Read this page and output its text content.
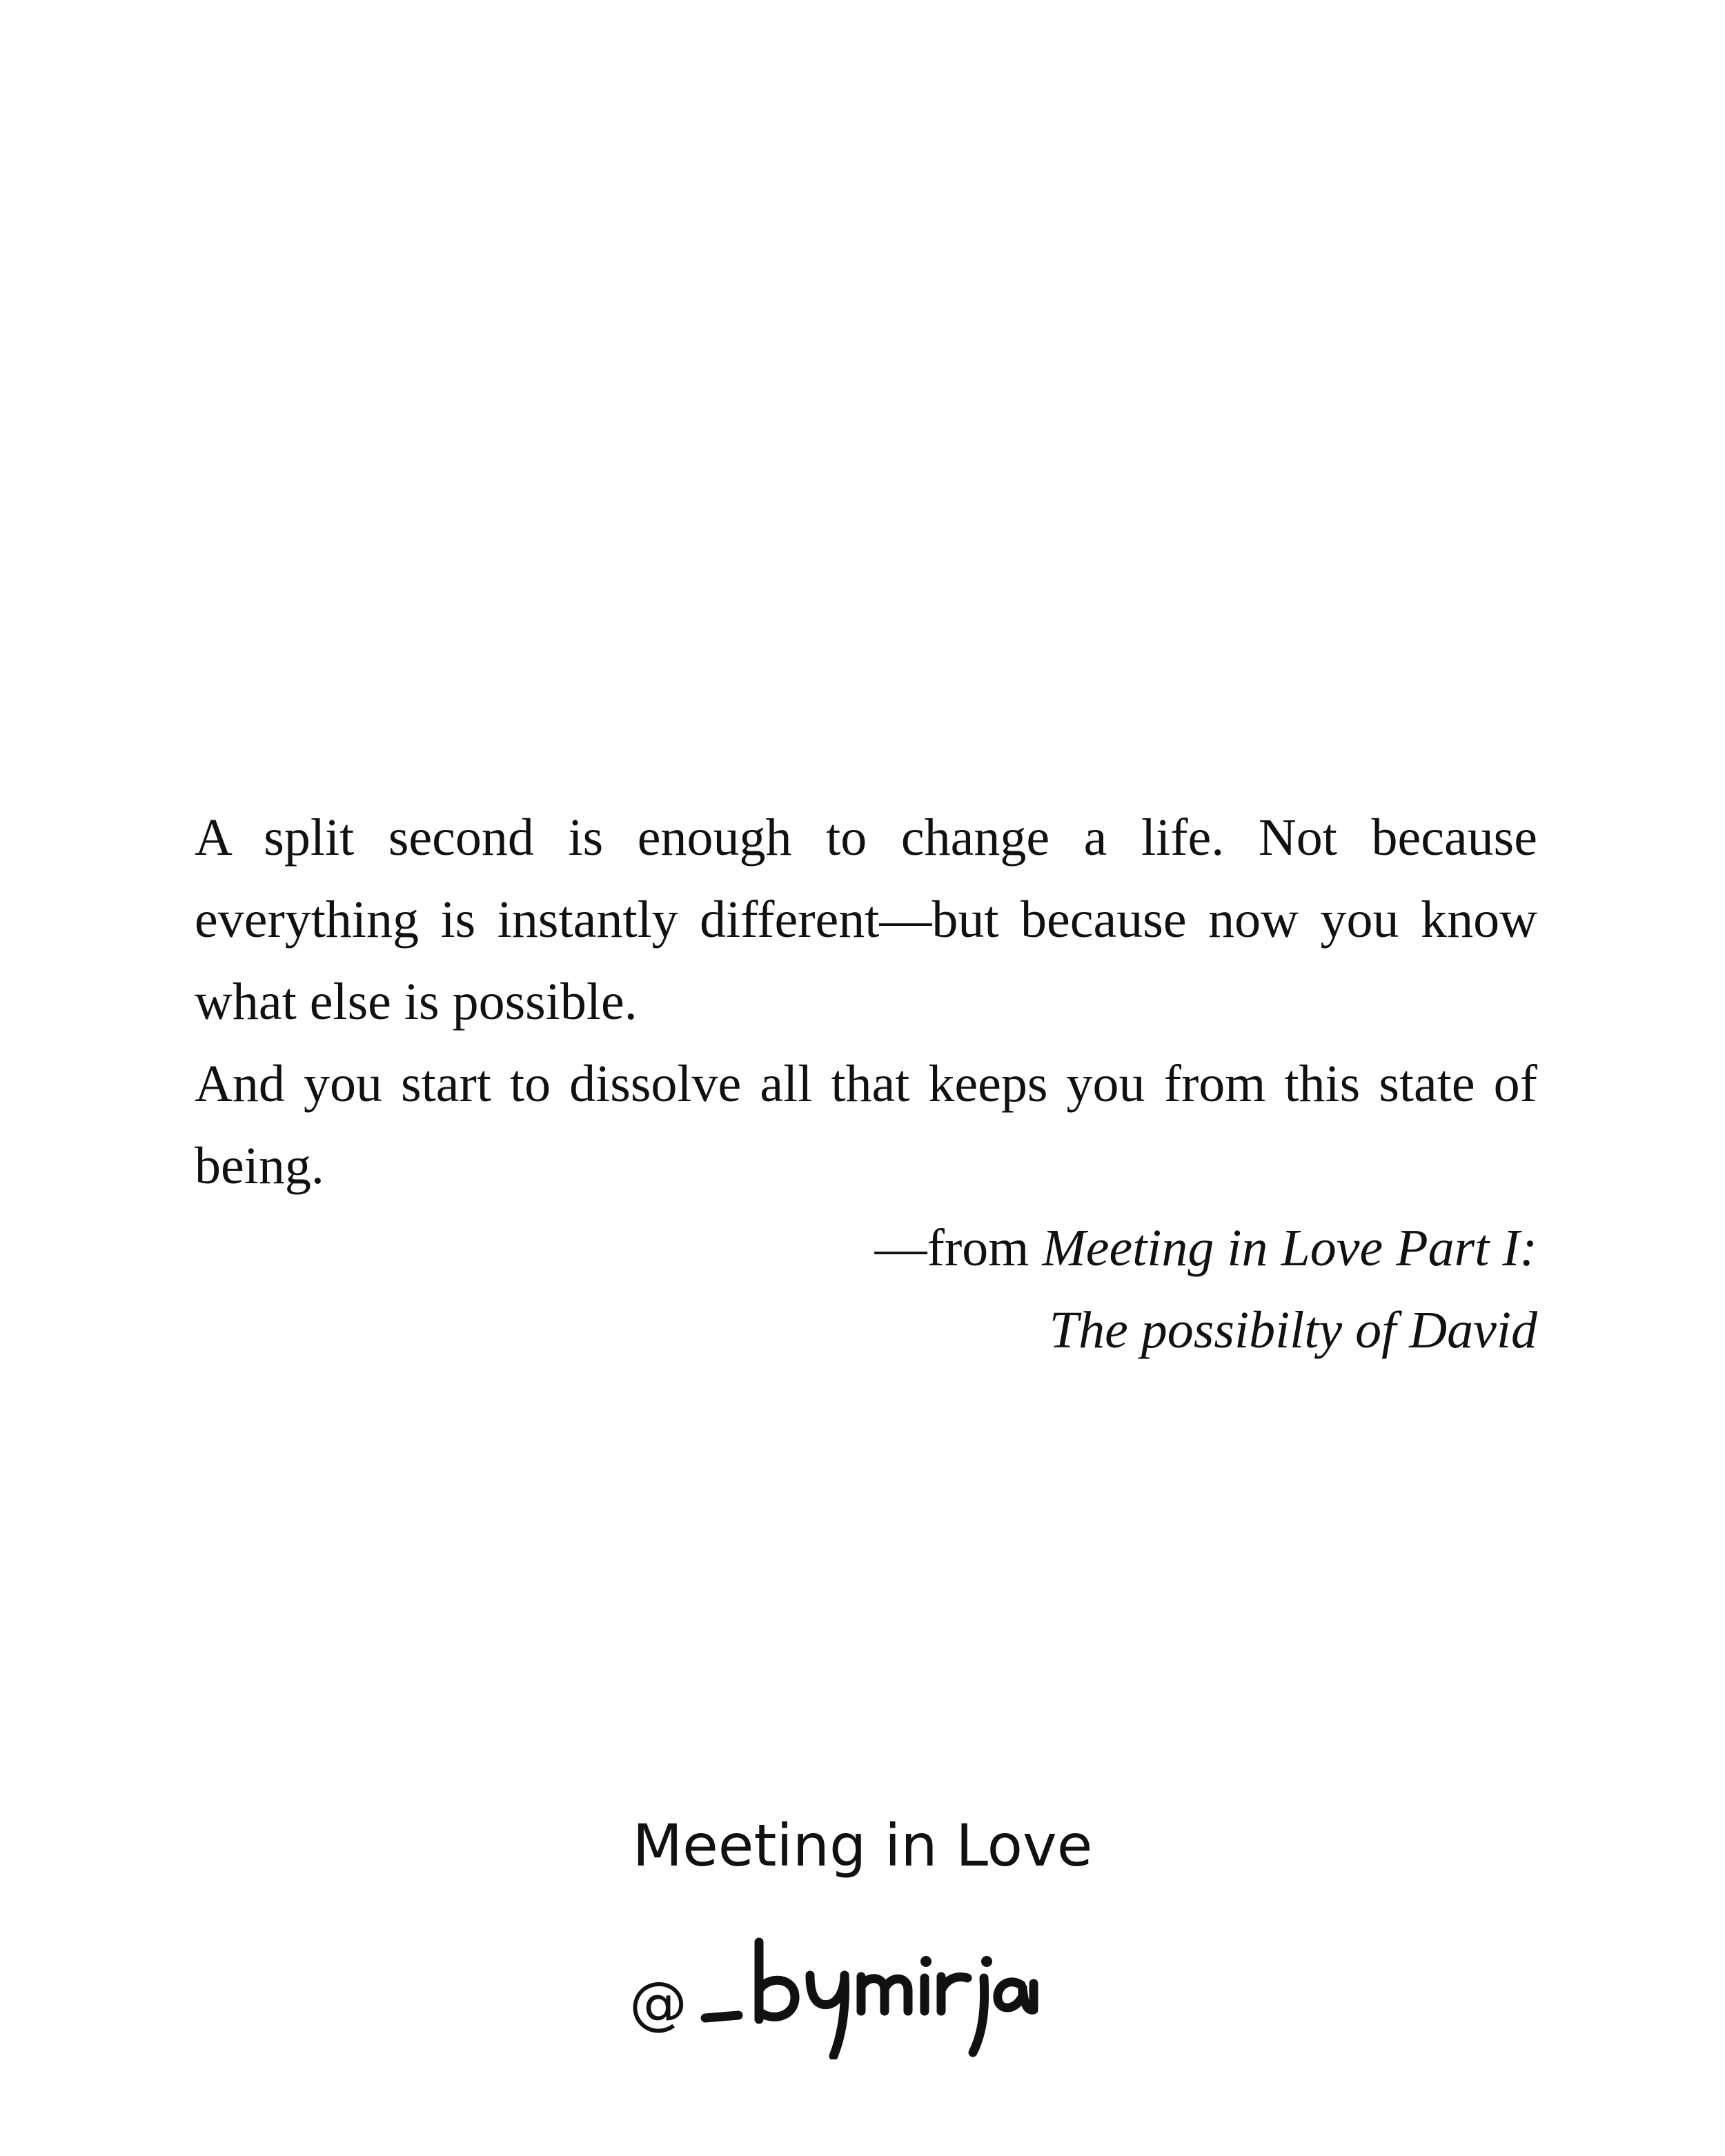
A split second is enough to change a life. Not because everything is instantly different—but because now you know what else is possible.

And you start to dissolve all that keeps you from this state of being.

—from Meeting in Love Part I:

The possibilty of David

Meeting in Love
@
